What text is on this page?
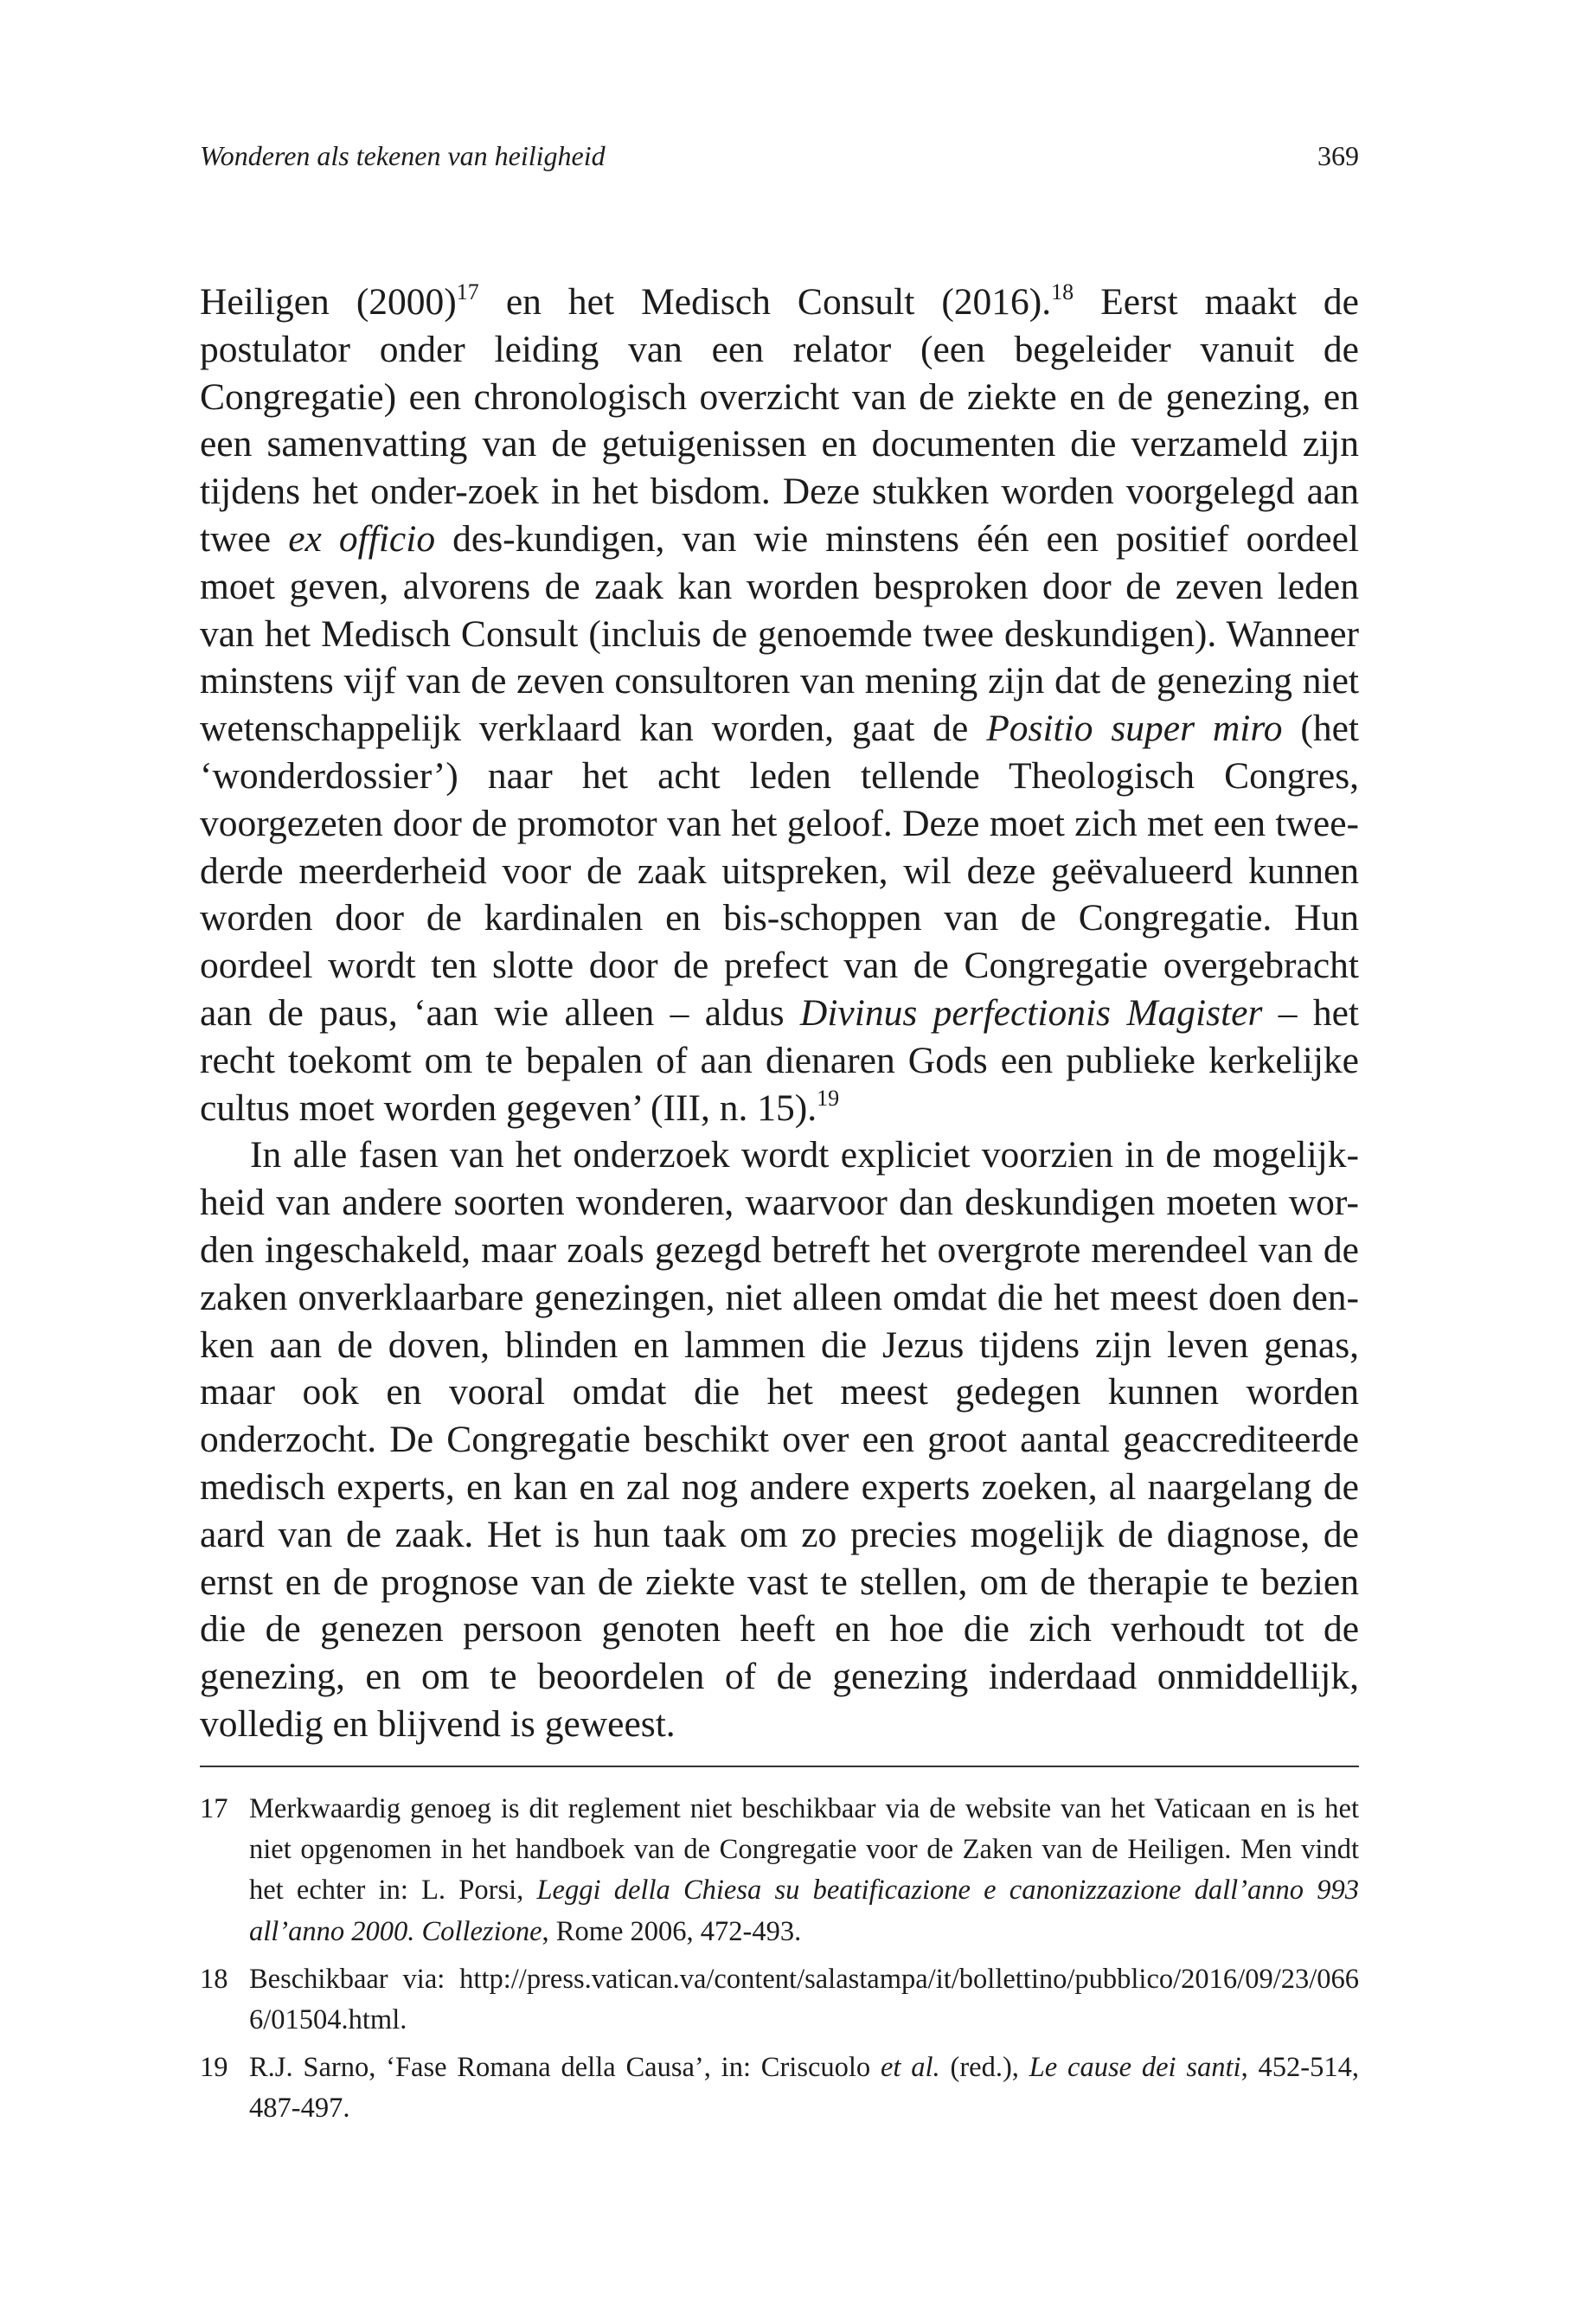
Wonderen als tekenen van heiligheid	369

Heiligen $(2000)^{17}$ en het Medisch Consult (2016).$^{18}$ Eerst maakt de postulator onder leiding van een relator (een begeleider vanuit de Congregatie) een chronologisch overzicht van de ziekte en de genezing, en een samenvatting van de getuigenissen en documenten die verzameld zijn tijdens het onder-zoek in het bisdom. Deze stukken worden voorgelegd aan twee ex officio des-kundigen, van wie minstens één een positief oordeel moet geven, alvorens de zaak kan worden besproken door de zeven leden van het Medisch Consult (incluis de genoemde twee deskundigen). Wanneer minstens vijf van de zeven consultoren van mening zijn dat de genezing niet wetenschappelijk verklaard kan worden, gaat de Positio super miro (het ‘wonderdossier’) naar het acht leden tellende Theologisch Congres, voorgezeten door de promotor van het geloof. Deze moet zich met een twee-derde meerderheid voor de zaak uitspreken, wil deze geëvalueerd kunnen worden door de kardinalen en bis-schoppen van de Congregatie. Hun oordeel wordt ten slotte door de prefect van de Congregatie overgebracht aan de paus, ‘aan wie alleen – aldus Divinus perfectionis Magister – het recht toekomt om te bepalen of aan dienaren Gods een publieke kerkelijke cultus moet worden gegeven’ (III, n. 15).$^{19}$

In alle fasen van het onderzoek wordt expliciet voorzien in de mogelijk-heid van andere soorten wonderen, waarvoor dan deskundigen moeten wor-den ingeschakeld, maar zoals gezegd betreft het overgrote merendeel van de zaken onverklaarbare genezingen, niet alleen omdat die het meest doen den-ken aan de doven, blinden en lammen die Jezus tijdens zijn leven genas, maar ook en vooral omdat die het meest gedegen kunnen worden onderzocht. De Congregatie beschikt over een groot aantal geaccrediteerde medisch experts, en kan en zal nog andere experts zoeken, al naargelang de aard van de zaak. Het is hun taak om zo precies mogelijk de diagnose, de ernst en de prognose van de ziekte vast te stellen, om de therapie te bezien die de genezen persoon genoten heeft en hoe die zich verhoudt tot de genezing, en om te beoordelen of de genezing inderdaad onmiddellijk, volledig en blijvend is geweest.

17 Merkwaardig genoeg is dit reglement niet beschikbaar via de website van het Vaticaan en is het niet opgenomen in het handboek van de Congregatie voor de Zaken van de Heiligen. Men vindt het echter in: L. Porsi, Leggi della Chiesa su beatificazione e canonizzazione dall’anno 993 all’anno 2000. Collezione, Rome 2006, 472-493.
18 Beschikbaar via: http://press.vatican.va/content/salastampa/it/bollettino/pubblico/2016/09/23/0666/01504.html.
19 R.J. Sarno, ‘Fase Romana della Causa’, in: Criscuolo et al. (red.), Le cause dei santi, 452-514, 487-497.
